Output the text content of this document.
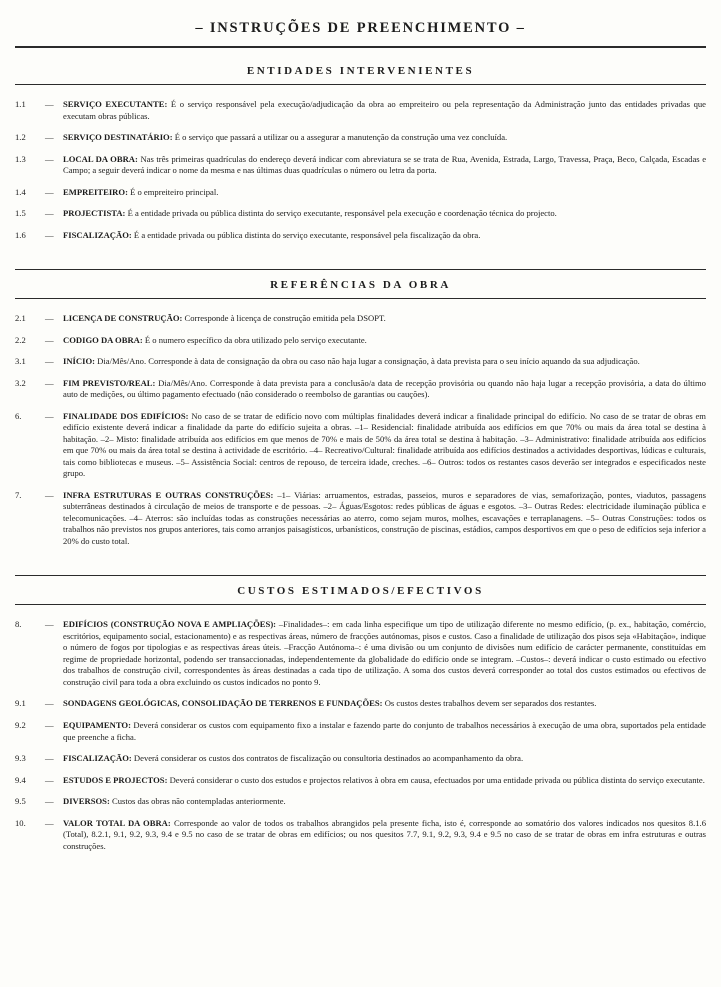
– INSTRUÇÕES DE PREENCHIMENTO –
ENTIDADES INTERVENIENTES
1.1	—	SERVIÇO EXECUTANTE: É o serviço responsável pela execução/adjudicação da obra ao empreiteiro ou pela representação da Administração junto das entidades privadas que executam obras públicas.

1.2	—	SERVIÇO DESTINATÁRIO: É o serviço que passará a utilizar ou a assegurar a manutenção da construção uma vez concluída.

1.3	—	LOCAL DA OBRA: Nas três primeiras quadrículas do endereço deverá indicar com abreviatura se se trata de Rua, Avenida, Estrada, Largo, Travessa, Praça, Beco, Calçada, Escadas e Campo; a seguir deverá indicar o nome da mesma e nas últimas duas quadrículas o número ou letra da porta.

1.4	—	EMPREITEIRO: É o empreiteiro principal.

1.5	—	PROJECTISTA: É a entidade privada ou pública distinta do serviço executante, responsável pela execução e coordenação técnica do projecto.

1.6	—	FISCALIZAÇÃO: É a entidade privada ou pública distinta do serviço executante, responsável pela fiscalização da obra.

REFERÊNCIAS DA OBRA
2.1	—	LICENÇA DE CONSTRUÇÃO: Corresponde à licença de construção emitida pela DSOPT.

2.2	—	CODIGO DA OBRA: É o numero específico da obra utilizado pelo serviço executante.

3.1	—	INÍCIO: Dia/Mês/Ano. Corresponde à data de consignação da obra ou caso não haja lugar a consignação, à data prevista para o seu início aquando da sua adjudicação.

3.2	—	FIM PREVISTO/REAL: Dia/Mês/Ano. Corresponde à data prevista para a conclusão/a data de recepção provisória ou quando não haja lugar a recepção provisória, a data do último auto de medições, ou último pagamento efectuado (não considerado o reembolso de garantias ou cauções).

6.	—	FINALIDADE DOS EDIFÍCIOS: No caso de se tratar de edifício novo com múltiplas finalidades deverá indicar a finalidade principal do edifício. No caso de se tratar de obras em edifício existente deverá indicar a finalidade da parte do edifício sujeita a obras. –1– Residencial: finalidade atribuída aos edifícios em que 70% ou mais da área total se destina à habitação. –2– Misto: finalidade atribuída aos edifícios em que menos de 70% e mais de 50% da área total se destina à habitação. –3– Administrativo: finalidade atribuída aos edifícios em que 70% ou mais da área total se destina à actividade de escritório. –4– Recreativo/Cultural: finalidade atribuída aos edifícios destinados a actividades desportivas, lúdicas e culturais, tais como bibliotecas e museus. –5– Assistência Social: centros de repouso, de terceira idade, creches. –6– Outros: todos os restantes casos deverão ser integrados e especificados neste grupo.

7.	—	INFRA ESTRUTURAS E OUTRAS CONSTRUÇÕES: –1– Viárias: arruamentos, estradas, passeios, muros e separadores de vias, semaforização, pontes, viadutos, passagens subterrâneas destinados à circulação de meios de transporte e de pessoas. –2– Águas/Esgotos: redes públicas de águas e esgotos. –3– Outras Redes: electricidade iluminação pública e telecomunicações. –4– Aterros: são incluídas todas as construções necessárias ao aterro, como sejam muros, molhes, escavações e terraplanagens. –5– Outras Construções: todos os trabalhos não previstos nos grupos anteriores, tais como arranjos paisagísticos, urbanísticos, construção de piscinas, estádios, campos desportivos em que o peso de edifícios seja inferior a 20% do custo total.

CUSTOS ESTIMADOS/EFECTIVOS
8.	—	EDIFÍCIOS (CONSTRUÇÃO NOVA E AMPLIAÇÕES): –Finalidades–: em cada linha especifique um tipo de utilização diferente no mesmo edifício, (p. ex., habitação, comércio, escritórios, equipamento social, estacionamento) e as respectivas áreas, número de fracções autónomas, pisos e custos. Caso a finalidade de utilização dos pisos seja «Habitação», indique o número de fogos por tipologias e as respectivas áreas úteis. –Fracção Autónoma–: é uma divisão ou um conjunto de divisões num edifício de carácter permanente, constituídas em regime de propriedade horizontal, podendo ser transaccionadas, independentemente da globalidade do edifício onde se integram. –Custos–: deverá indicar o custo estimado ou efectivo dos trabalhos de construção civil, correspondentes às áreas destinadas a cada tipo de utilização. A soma dos custos deverá corresponder ao total dos custos estimados ou efectivos de construção civil para toda a obra excluindo os custos indicados no ponto 9.

9.1	—	SONDAGENS GEOLÓGICAS, CONSOLIDAÇÃO DE TERRENOS E FUNDAÇÕES: Os custos destes trabalhos devem ser separados dos restantes.

9.2	—	EQUIPAMENTO: Deverá considerar os custos com equipamento fixo a instalar e fazendo parte do conjunto de trabalhos necessários à execução de uma obra, suportados pela entidade que preenche a ficha.

9.3	—	FISCALIZAÇÃO: Deverá considerar os custos dos contratos de fiscalização ou consultoria destinados ao acompanhamento da obra.

9.4	—	ESTUDOS E PROJECTOS: Deverá considerar o custo dos estudos e projectos relativos à obra em causa, efectuados por uma entidade privada ou pública distinta do serviço executante.

9.5	—	DIVERSOS: Custos das obras não contempladas anteriormente.

10.	—	VALOR TOTAL DA OBRA: Corresponde ao valor de todos os trabalhos abrangidos pela presente ficha, isto é, corresponde ao somatório dos valores indicados nos quesitos 8.1.6 (Total), 8.2.1, 9.1, 9.2, 9.3, 9.4 e 9.5 no caso de se tratar de obras em edifícios; ou nos quesitos 7.7, 9.1, 9.2, 9.3, 9.4 e 9.5 no caso de se tratar de obras em infra estruturas e outras construções.
